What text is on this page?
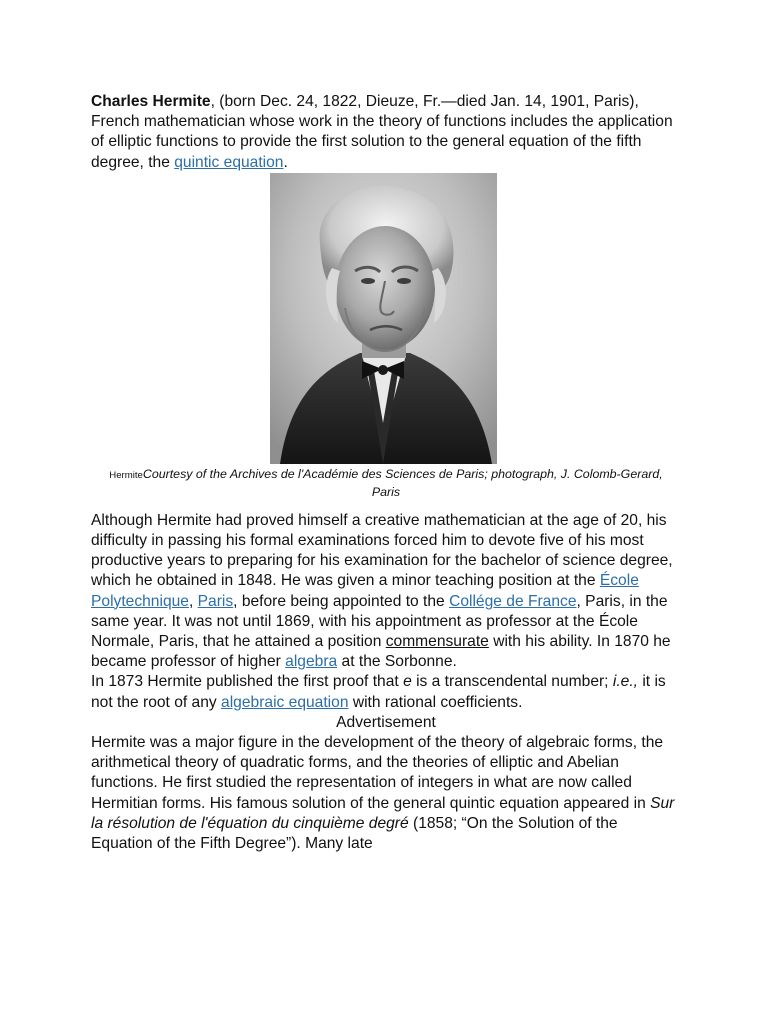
Charles Hermite, (born Dec. 24, 1822, Dieuze, Fr.—died Jan. 14, 1901, Paris), French mathematician whose work in the theory of functions includes the application of elliptic functions to provide the first solution to the general equation of the fifth degree, the quintic equation.

HermiteCourtesy of the Archives de l'Académie des Sciences de Paris; photograph, J. Colomb-Gerard, Paris

Although Hermite had proved himself a creative mathematician at the age of 20, his difficulty in passing his formal examinations forced him to devote five of his most productive years to preparing for his examination for the bachelor of science degree, which he obtained in 1848. He was given a minor teaching position at the École Polytechnique, Paris, before being appointed to the Collége de France, Paris, in the same year. It was not until 1869, with his appointment as professor at the École Normale, Paris, that he attained a position commensurate with his ability. In 1870 he became professor of higher algebra at the Sorbonne.

In 1873 Hermite published the first proof that e is a transcendental number; i.e., it is not the root of any algebraic equation with rational coefficients.

Advertisement

Hermite was a major figure in the development of the theory of algebraic forms, the arithmetical theory of quadratic forms, and the theories of elliptic and Abelian functions. He first studied the representation of integers in what are now called Hermitian forms. His famous solution of the general quintic equation appeared in Sur la résolution de l'équation du cinquième degré (1858; “On the Solution of the Equation of the Fifth Degree”). Many late
